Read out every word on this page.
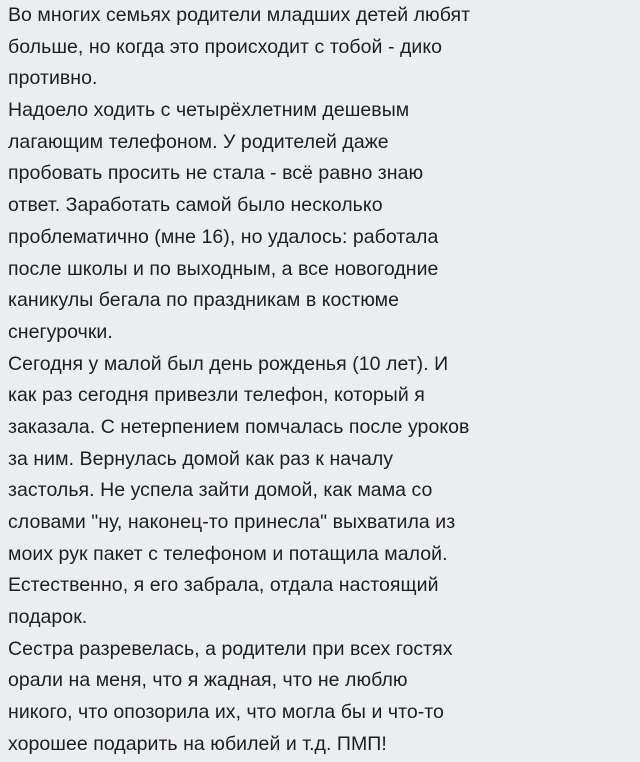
Во многих семьях родители младших детей любят
больше, но когда это происходит с тобой - дико
противно.
Надоело ходить с четырёхлетним дешевым
лагающим телефоном. У родителей даже
пробовать просить не стала - всё равно знаю
ответ. Заработать самой было несколько
проблематично (мне 16), но удалось: работала
после школы и по выходным, а все новогодние
каникулы бегала по праздникам в костюме
снегурочки.
Сегодня у малой был день рожденья (10 лет). И
как раз сегодня привезли телефон, который я
заказала. С нетерпением помчалась после уроков
за ним. Вернулась домой как раз к началу
застолья. Не успела зайти домой, как мама со
словами "ну, наконец-то принесла" выхватила из
моих рук пакет с телефоном и потащила малой.
Естественно, я его забрала, отдала настоящий
подарок.
Сестра разревелась, а родители при всех гостях
орали на меня, что я жадная, что не люблю
никого, что опозорила их, что могла бы и что-то
хорошее подарить на юбилей и т.д. ПМП!
